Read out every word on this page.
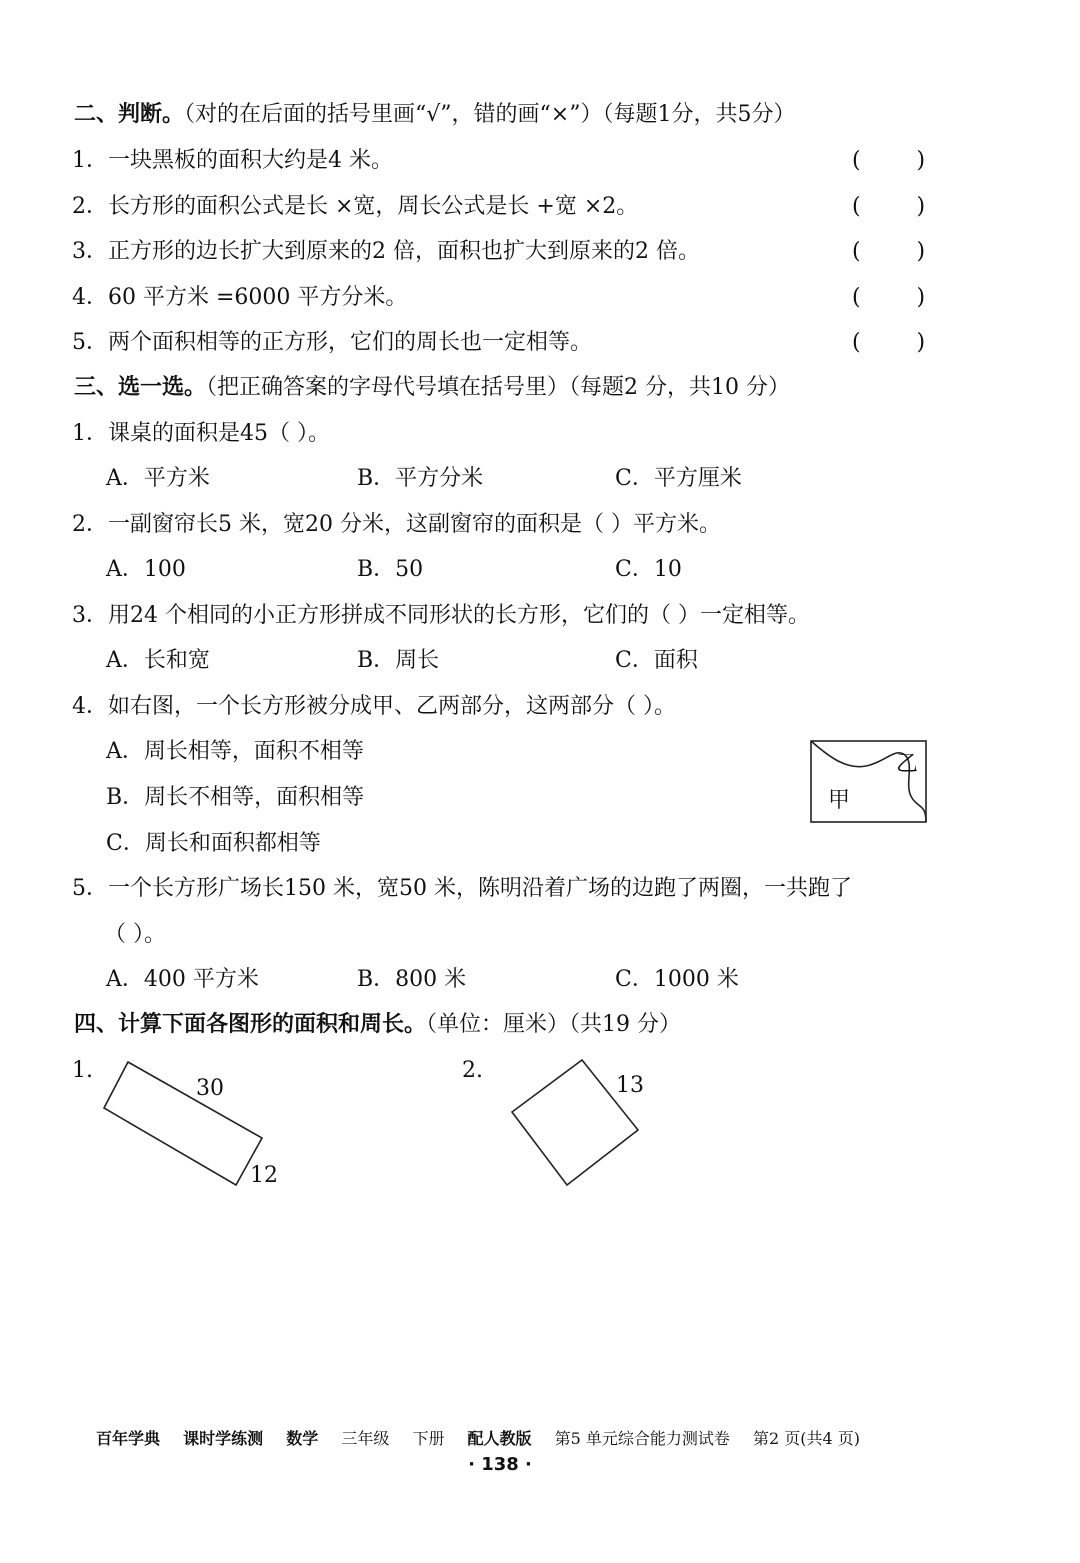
二、判断。（对的在后面的括号里画“√”，错的画“×”）（每题1分，共5分）
1．一块黑板的面积大约是4 米。	(        )
2．长方形的面积公式是长 ×宽，周长公式是长 +宽 ×2。	(        )
3．正方形的边长扩大到原来的2 倍，面积也扩大到原来的2 倍。	(        )
4．60 平方米 =6000 平方分米。	(        )
5．两个面积相等的正方形，它们的周长也一定相等。	(        )
三、选一选。（把正确答案的字母代号填在括号里）（每题2 分，共10 分）
1．课桌的面积是45（ ）。
A．平方米	B．平方分米	C．平方厘米
2．一副窗帘长5 米，宽20 分米，这副窗帘的面积是（ ）平方米。
A．100	B．50	C．10
3．用24 个相同的小正方形拼成不同形状的长方形，它们的（ ）一定相等。
A．长和宽	B．周长	C．面积
4．如右图，一个长方形被分成甲、乙两部分，这两部分（ ）。
A．周长相等，面积不相等
B．周长不相等，面积相等
C．周长和面积都相等
甲
乙
5．一个长方形广场长150 米，宽50 米，陈明沿着广场的边跑了两圈，一共跑了
（ ）。
A．400 平方米	B．800 米	C．1000 米
四、计算下面各图形的面积和周长。（单位：厘米）（共19 分）
1.
30
12
2.
13
百年学典 课时学练测 数学 三年级 下册 配人教版 第5 单元综合能力测试卷 第2 页(共4 页)
· 138 ·
